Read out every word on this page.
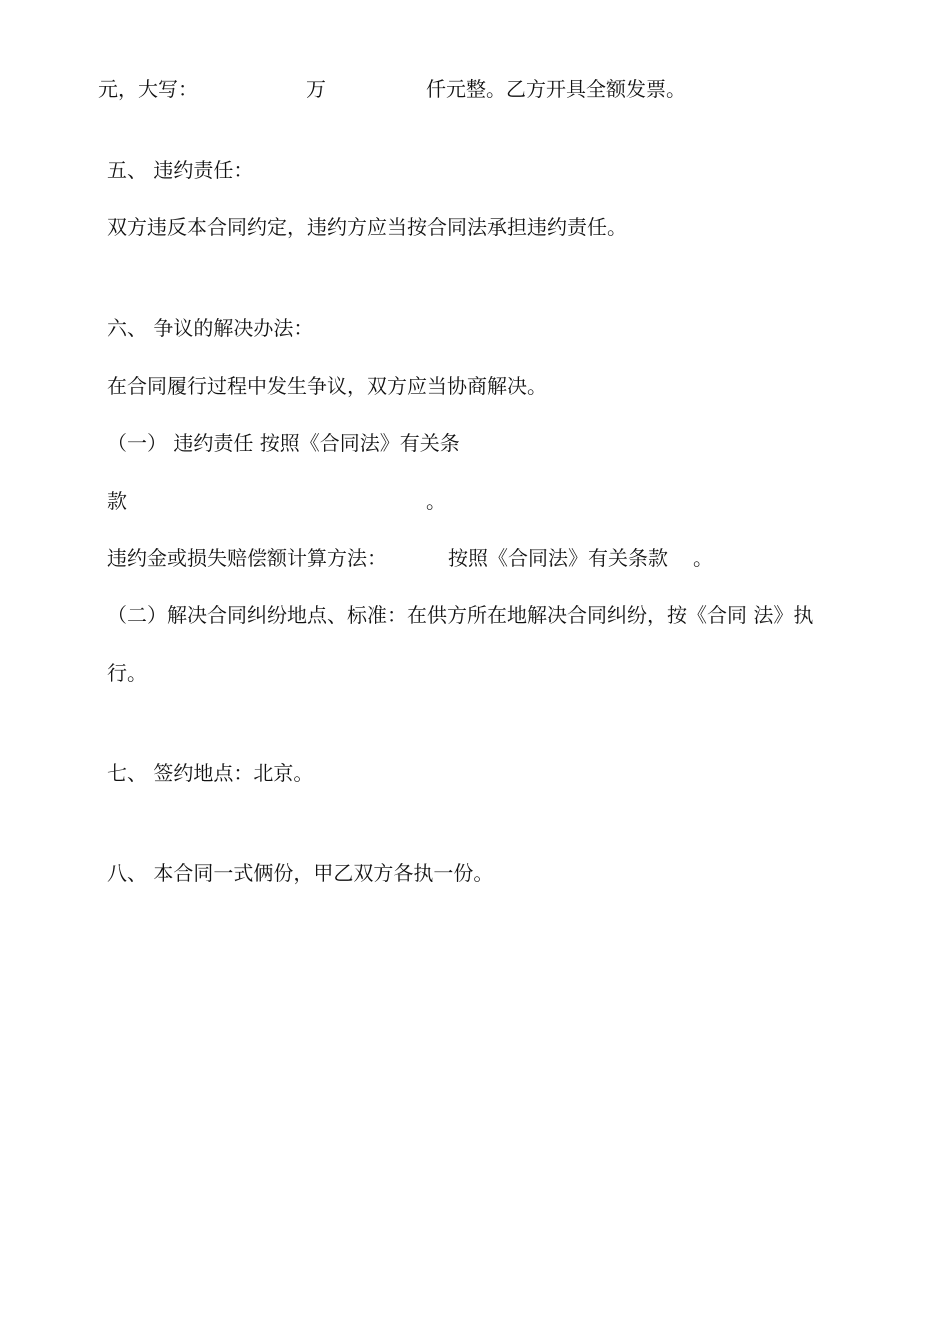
元，大写：	万	仟元整。乙方开具全额发票。
五、 违约责任：
双方违反本合同约定，违约方应当按合同法承担违约责任。
六、 争议的解决办法：
在合同履行过程中发生争议，双方应当协商解决。
（一） 违约责任 按照《合同法》有关条
款	。
违约金或损失赔偿额计算方法：	按照《合同法》有关条款 。
（二）解决合同纠纷地点、标准：在供方所在地解决合同纠纷，按《合同 法》执
行。
七、 签约地点：北京。
八、 本合同一式俩份，甲乙双方各执一份。
